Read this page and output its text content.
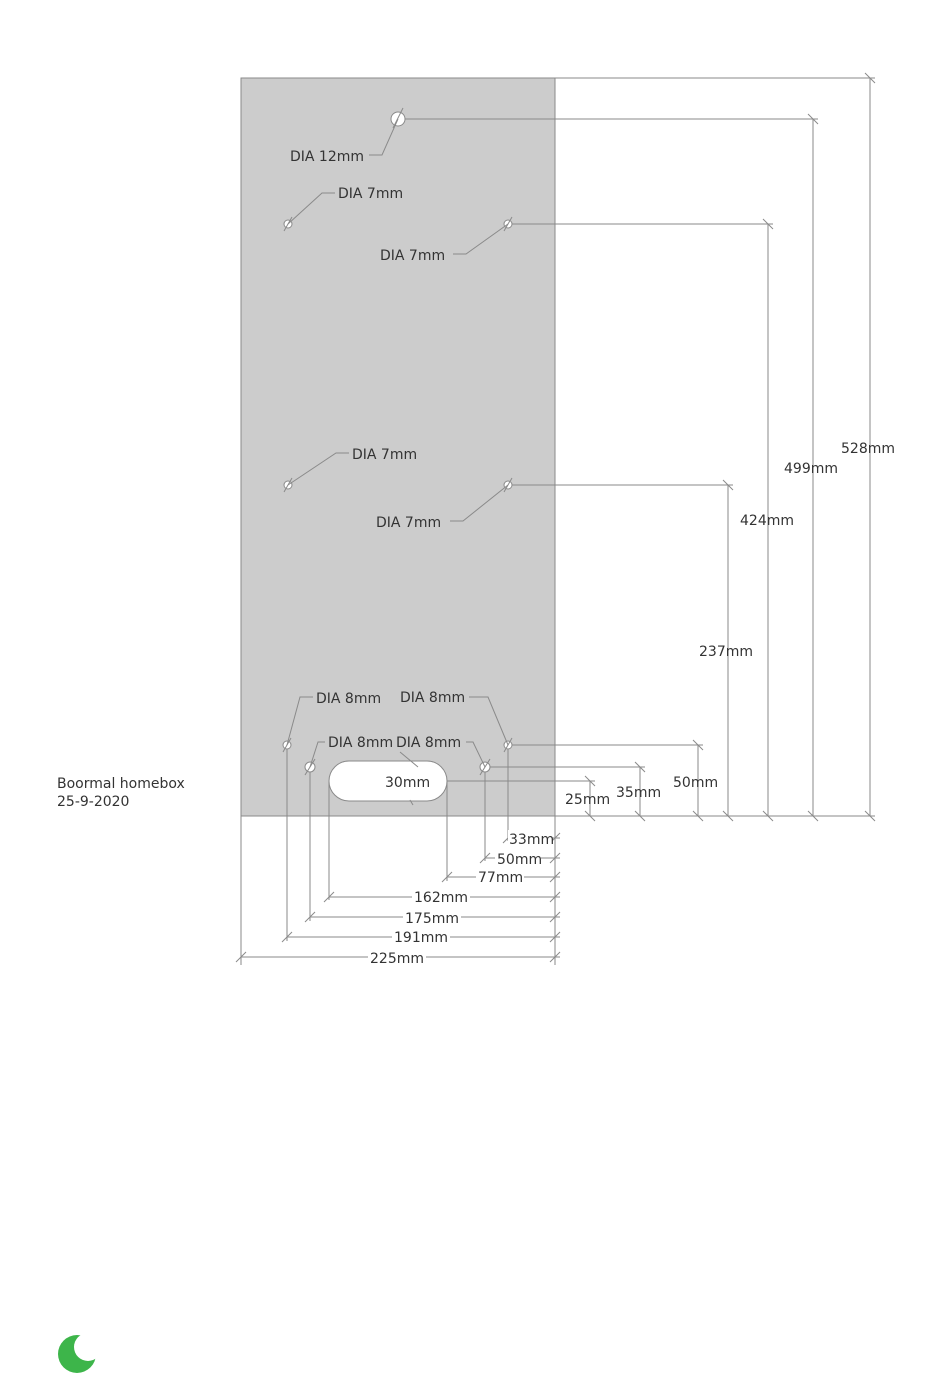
DIA 12mm
DIA 7mm
DIA 7mm
DIA 7mm
DIA 7mm
DIA 8mm DIA 8mm
DIA 8mm DIA 8mm
30mm
528mm
499mm
424mm
237mm
50mm
35mm
25mm
33mm
50mm
77mm
162mm
175mm
191mm
225mm
Boormal homebox
25-9-2020
